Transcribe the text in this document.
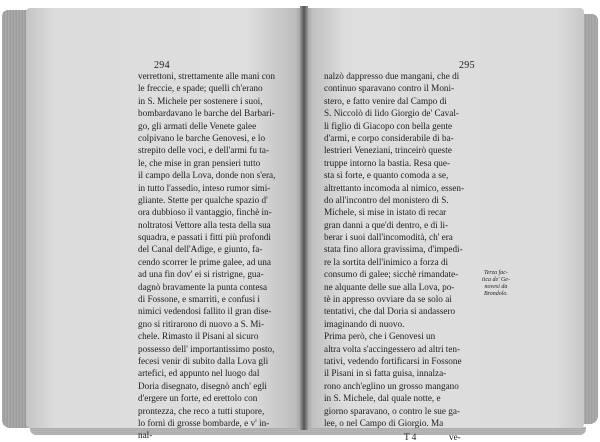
294
verrettoni, strettamente alle mani con
le freccie, e spade; quelli ch'erano
in S. Michele per sostenere i suoi,
bombardavano le barche del Barbari-
go, gli armati delle Venete galee
colpivano le barche Genovesi, e lo
strepito delle voci, e dell'armi fu ta-
le, che mise in gran pensieri tutto
il campo della Lova, donde non s'era,
in tutto l'assedio, inteso rumor simi-
gliante. Stette per qualche spazio d'
ora dubbioso il vantaggio, finchè in-
noltratosi Vettore alla testa della sua
squadra, e passati i fitti più profondi
del Canal dell'Adige, e giunto, fa-
cendo scorrer le prime galee, ad una
ad una fin dov' ei si ristrigne, gua-
dagnò bravamente la punta contesa
di Fossone, e smarriti, e confusi i
nimici vedendosi fallito il gran dise-
gno si ritirarono di nuovo a S. Mi-
chele. Rimasto il Pisani al sicuro
possesso dell' importantissimo posto,
fecesi venir di subito dalla Lova gli
artefici, ed appunto nel luogo dal
Doria disegnato, disegnò anch' egli
d'ergere un forte, ed erettolo con
prontezza, che reco a tutti stupore,
lo fornì di grosse bombarde, e v' in-
nal-
295
nalzò dappresso due mangani, che di
continuo sparavano contro il Moni-
stero, e fatto venire dal Campo di
S. Niccolò di lido Giorgio de' Caval-
li figlio di Giacopo con bella gente
d'armi, e corpo considerabile di ba-
lestrieri Veneziani, trinceirò queste
truppe intorno la bastia. Resa que-
sta sì forte, e quanto comoda a se,
altrettanto incomoda al nimico, essen-
do all'incontro del monistero di S.
Michele, sì mise in istato di recar
gran danni a que'di dentro, e di li-
berar i suoi dall'incomodità, ch' era
stata fino allora gravissima, d'impedi-
re la sortita dell'inimico a forza di
consumo di galee; sicchè rimandate-
ne alquante delle sue alla Lova, po-
tè in appresso ovviare da se solo ai
tentativi, che dal Doria si andassero
imaginando di nuovo.
Prima però, che i Genovesi un
altra volta s'accingessero ad altri ten-
tativi, vedendo fortificarsi in Fossone
il Pisani in sì fatta guisa, innalza-
rono anch'eglino un grosso mangano
in S. Michele, dal quale notte, e
giorno sparavano, o contro le sue ga-
lee, o nel Campo di Giorgio. Ma
Terza fac-
tica de' Ge-
novesi da
Brondolo.
T 4	ve-
